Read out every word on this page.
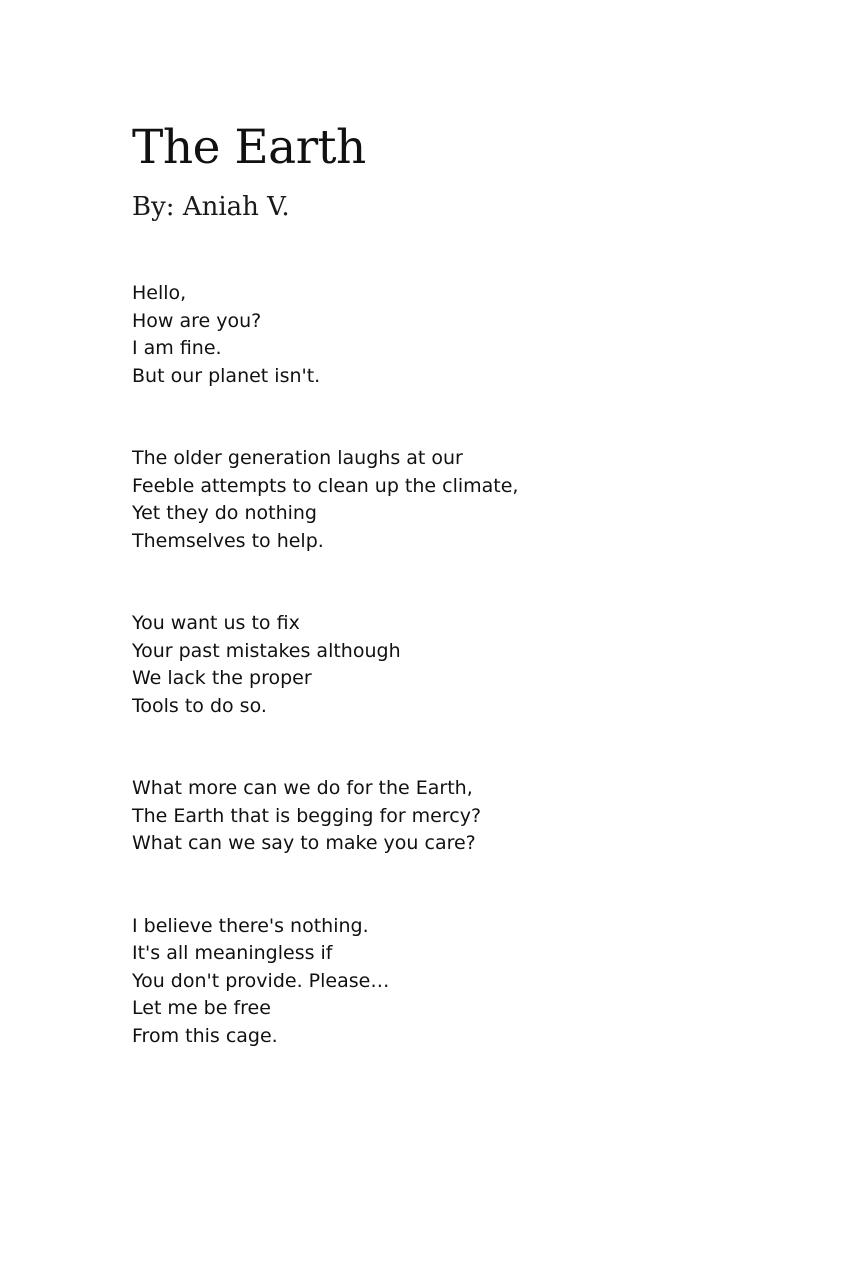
The Earth
By: Aniah V.
Hello,
How are you?
I am fine.
But our planet isn't.
The older generation laughs at our
Feeble attempts to clean up the climate,
Yet they do nothing
Themselves to help.
You want us to fix
Your past mistakes although
We lack the proper
Tools to do so.
What more can we do for the Earth,
The Earth that is begging for mercy?
What can we say to make you care?
I believe there's nothing.
It's all meaningless if
You don't provide. Please…
Let me be free
From this cage.
